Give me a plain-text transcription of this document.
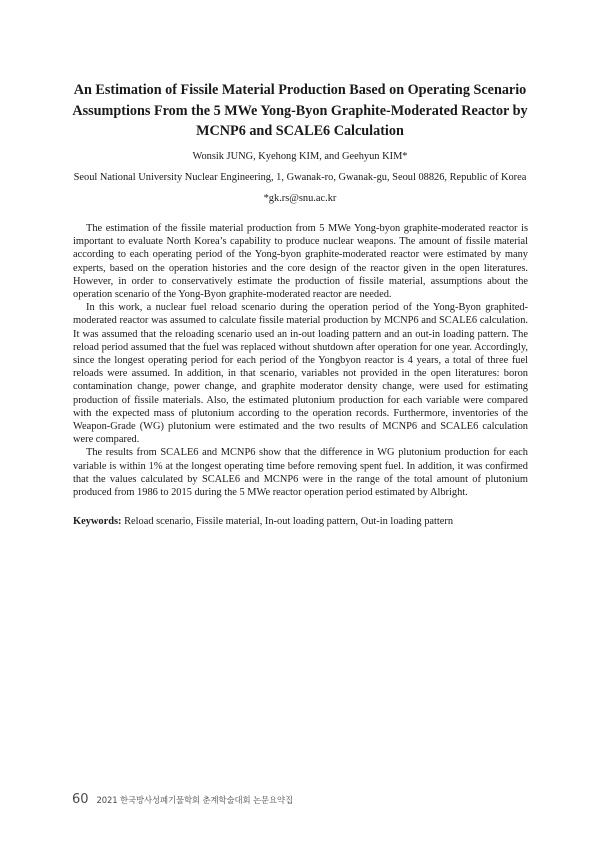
An Estimation of Fissile Material Production Based on Operating Scenario Assumptions From the 5 MWe Yong-Byon Graphite-Moderated Reactor by MCNP6 and SCALE6 Calculation

Wonsik JUNG, Kyehong KIM, and Geehyun KIM*

Seoul National University Nuclear Engineering, 1, Gwanak-ro, Gwanak-gu, Seoul 08826, Republic of Korea

*gk.rs@snu.ac.kr

The estimation of the fissile material production from 5 MWe Yong-byon graphite-moderated reactor is important to evaluate North Korea’s capability to produce nuclear weapons. The amount of fissile material according to each operating period of the Yong-byon graphite-moderated reactor were estimated by many experts, based on the operation histories and the core design of the reactor given in the open literatures. However, in order to conservatively estimate the production of fissile material, assumptions about the operation scenario of the Yong-Byon graphite-moderated reactor are needed.

In this work, a nuclear fuel reload scenario during the operation period of the Yong-Byon graphited-moderated reactor was assumed to calculate fissile material production by MCNP6 and SCALE6 calculation. It was assumed that the reloading scenario used an in-out loading pattern and an out-in loading pattern. The reload period assumed that the fuel was replaced without shutdown after operation for one year. Accordingly, since the longest operating period for each period of the Yongbyon reactor is 4 years, a total of three fuel reloads were assumed. In addition, in that scenario, variables not provided in the open literatures: boron contamination change, power change, and graphite moderator density change, were used for estimating production of fissile materials. Also, the estimated plutonium production for each variable were compared with the expected mass of plutonium according to the operation records. Furthermore, inventories of the Weapon-Grade (WG) plutonium were estimated and the two results of MCNP6 and SCALE6 calculation were compared.

The results from SCALE6 and MCNP6 show that the difference in WG plutonium production for each variable is within 1% at the longest operating time before removing spent fuel. In addition, it was confirmed that the values calculated by SCALE6 and MCNP6 were in the range of the total amount of plutonium produced from 1986 to 2015 during the 5 MWe reactor operation period estimated by Albright.

Keywords: Reload scenario, Fissile material, In-out loading pattern, Out-in loading pattern

60 2021 한국방사성폐기물학회 춘계학술대회 논문요약집
